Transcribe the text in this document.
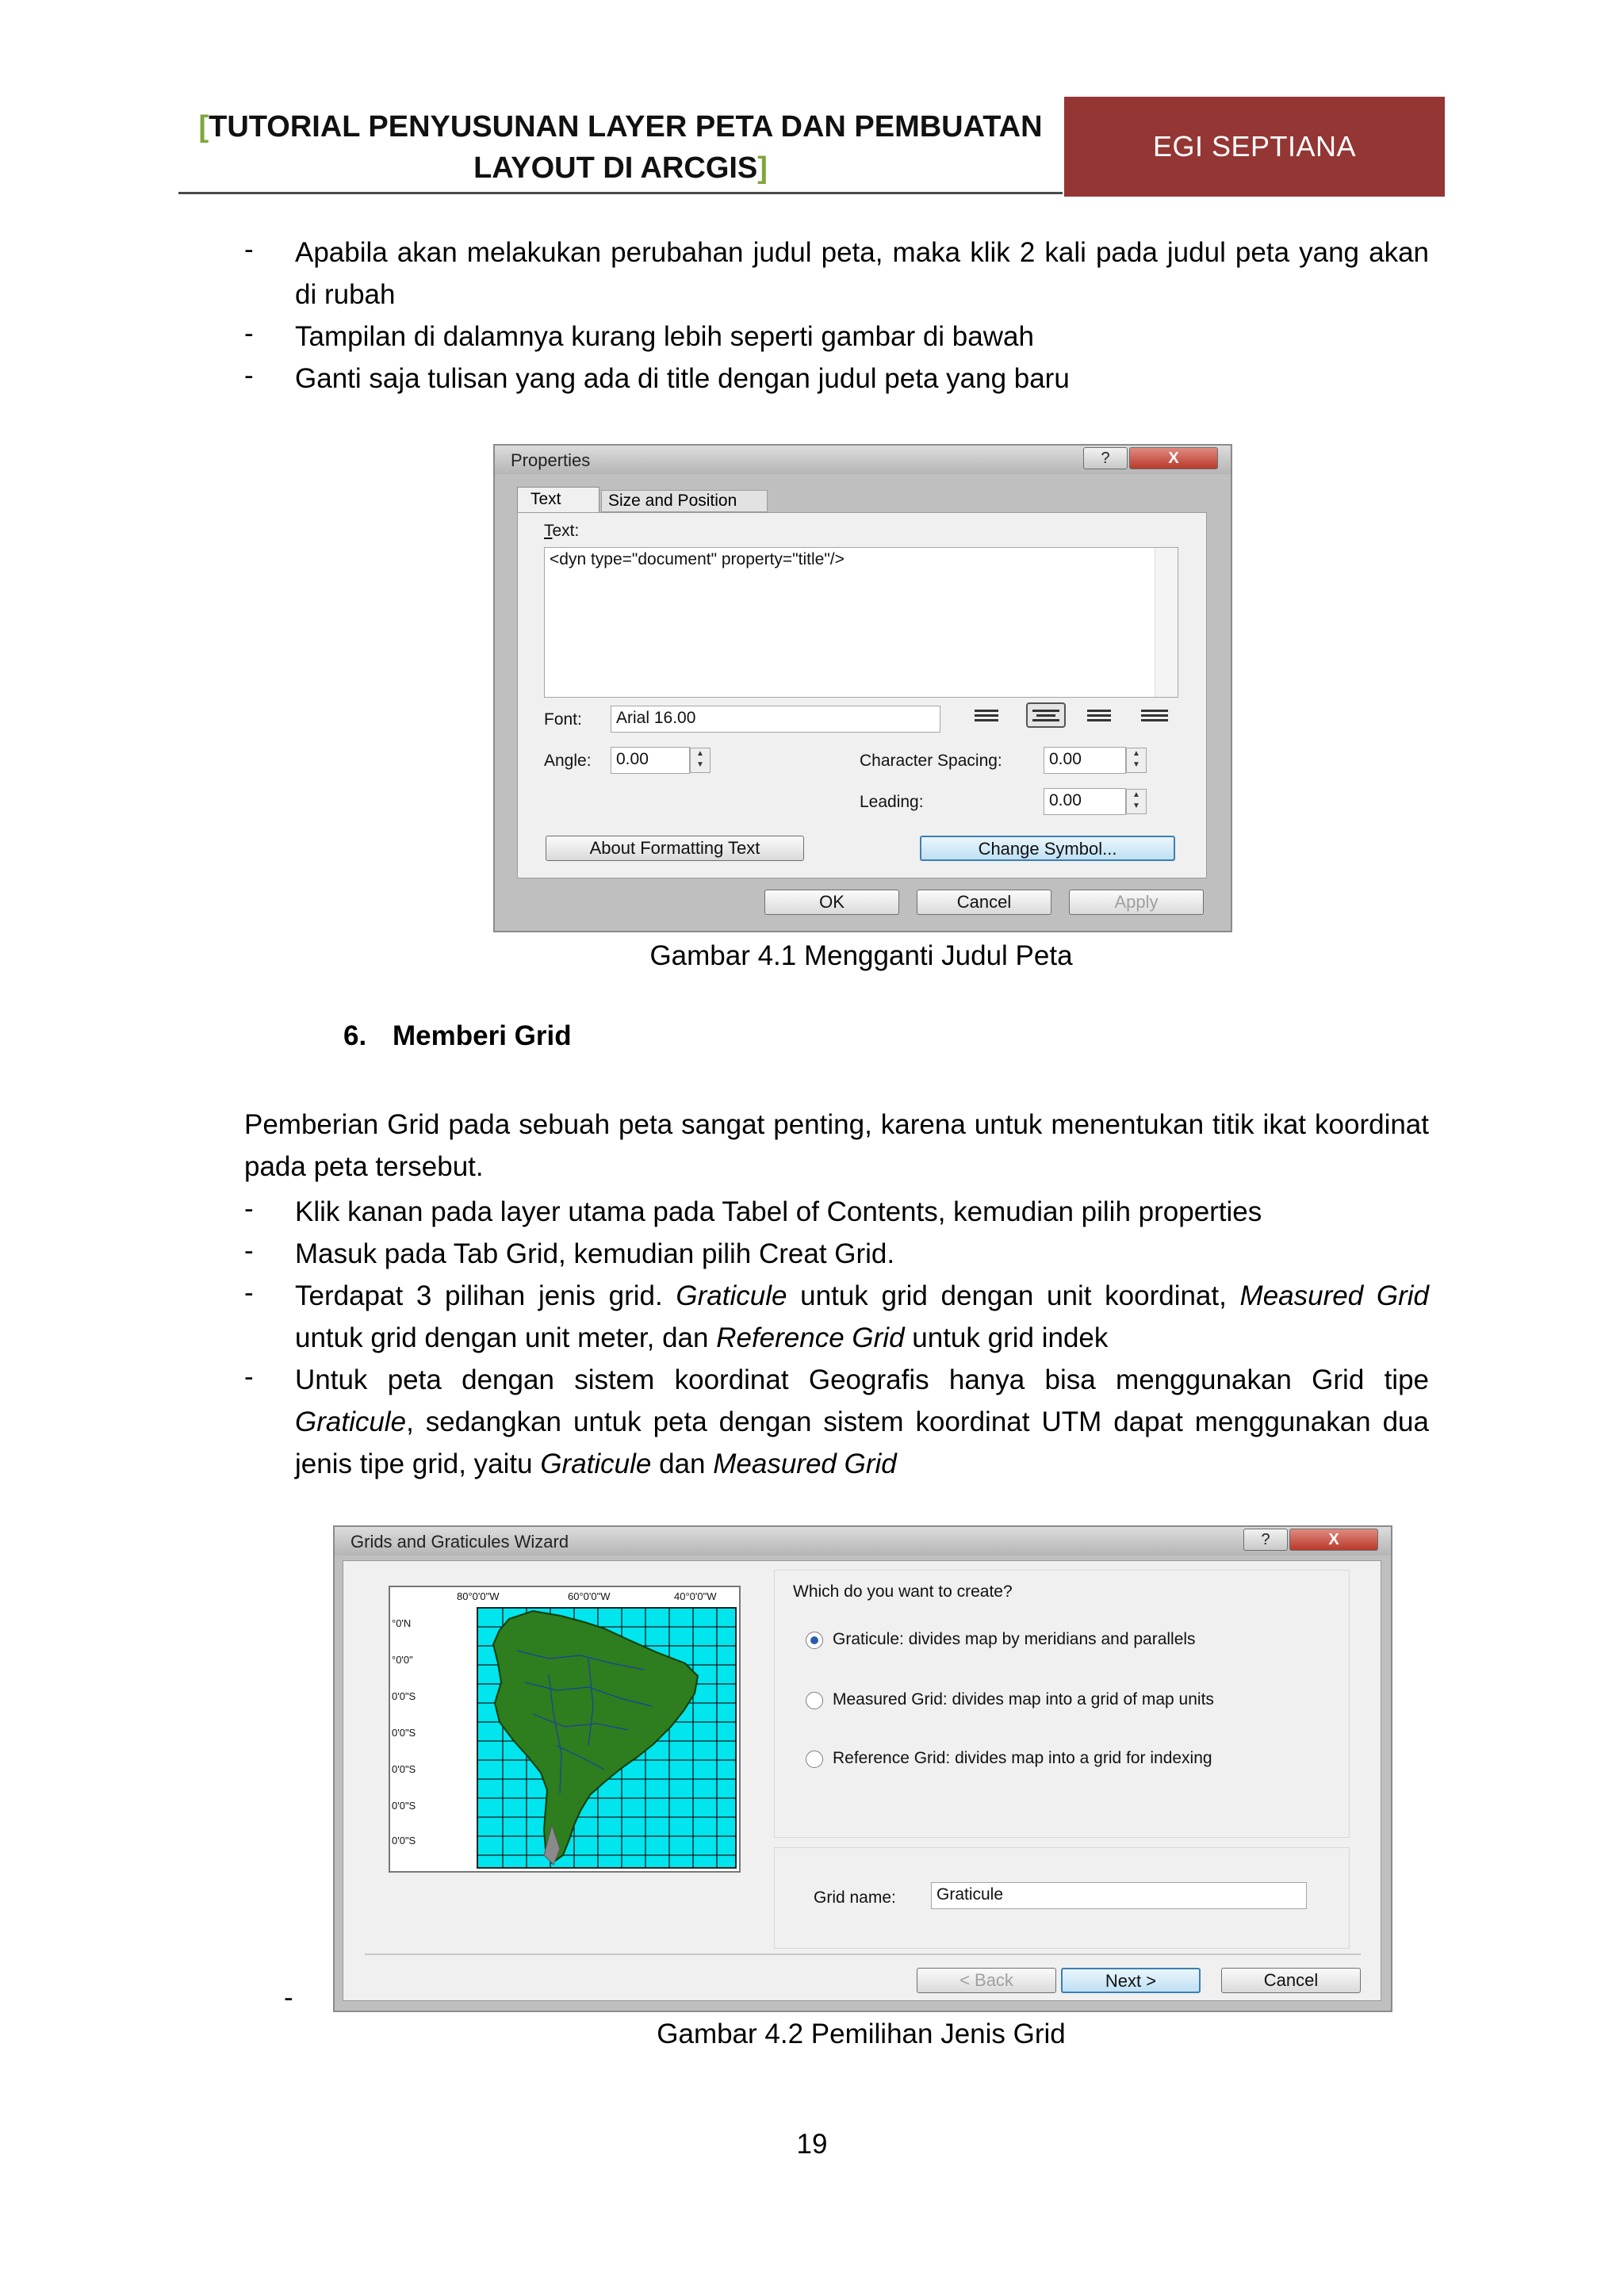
[TUTORIAL PENYUSUNAN LAYER PETA DAN PEMBUATAN
LAYOUT DI ARCGIS]
EGI SEPTIANA
- Apabila akan melakukan perubahan judul peta, maka klik 2 kali pada judul peta yang akan di rubah
- Tampilan di dalamnya kurang lebih seperti gambar di bawah
- Ganti saja tulisan yang ada di title dengan judul peta yang baru
Properties	?	X
Text	Size and Position
Text:
<dyn type="document" property="title"/>
Font:	Arial 16.00
Angle:	0.00	▲
▼	Character Spacing:	0.00	▲
▼
Leading:	0.00	▲
▼
About Formatting Text	Change Symbol...
OK	Cancel	Apply
Gambar 4.1 Mengganti Judul Peta
6. Memberi Grid
Pemberian Grid pada sebuah peta sangat penting, karena untuk menentukan titik ikat koordinat pada peta tersebut.
- Klik kanan pada layer utama pada Tabel of Contents, kemudian pilih properties
- Masuk pada Tab Grid, kemudian pilih Creat Grid.
- Terdapat 3 pilihan jenis grid. Graticule untuk grid dengan unit koordinat, Measured Grid untuk grid dengan unit meter, dan Reference Grid untuk grid indek
- Untuk peta dengan sistem koordinat Geografis hanya bisa menggunakan Grid tipe Graticule, sedangkan untuk peta dengan sistem koordinat UTM dapat menggunakan dua jenis tipe grid, yaitu Graticule dan Measured Grid
Grids and Graticules Wizard	?	X
80°0'0"W	60°0'0"W	40°0'0"W
°0'N
°0'0"
0'0"S
0'0"S
0'0"S
0'0"S
0'0"S
Which do you want to create?
Graticule: divides map by meridians and parallels
Measured Grid: divides map into a grid of map units
Reference Grid: divides map into a grid for indexing
Grid name:	Graticule
< Back	Next >	Cancel
-
Gambar 4.2 Pemilihan Jenis Grid
19
